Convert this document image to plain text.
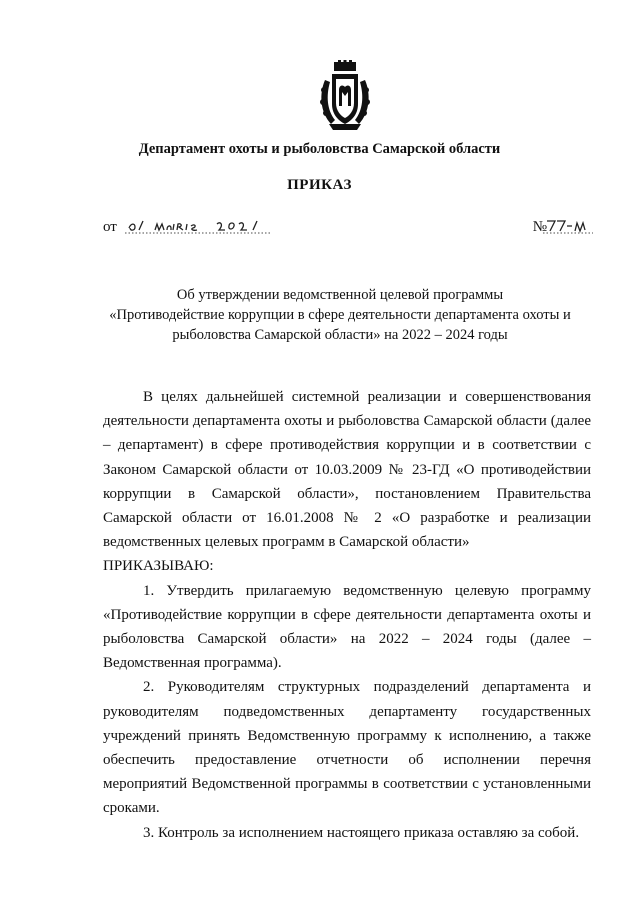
Департамент охоты и рыболовства Самарской области
ПРИКАЗ
от	№
Об утверждении ведомственной целевой программы
«Противодействие коррупции в сфере деятельности департамента охоты и
рыболовства Самарской области» на 2022 – 2024 годы

В целях дальнейшей системной реализации и совершенствования деятельности департамента охоты и рыболовства Самарской области (далее – департамент) в сфере противодействия коррупции и в соответствии с Законом Самарской области от 10.03.2009 № 23-ГД «О противодействии коррупции в Самарской области», постановлением Правительства Самарской области от 16.01.2008 № 2 «О разработке и реализации ведомственных целевых программ в Самарской области»

ПРИКАЗЫВАЮ:

1. Утвердить прилагаемую ведомственную целевую программу «Противодействие коррупции в сфере деятельности департамента охоты и рыболовства Самарской области» на 2022 – 2024 годы (далее – Ведомственная программа).

2. Руководителям структурных подразделений департамента и руководителям подведомственных департаменту государственных учреждений принять Ведомственную программу к исполнению, а также обеспечить предоставление отчетности об исполнении перечня мероприятий Ведомственной программы в соответствии с установленными сроками.

3. Контроль за исполнением настоящего приказа оставляю за собой.
